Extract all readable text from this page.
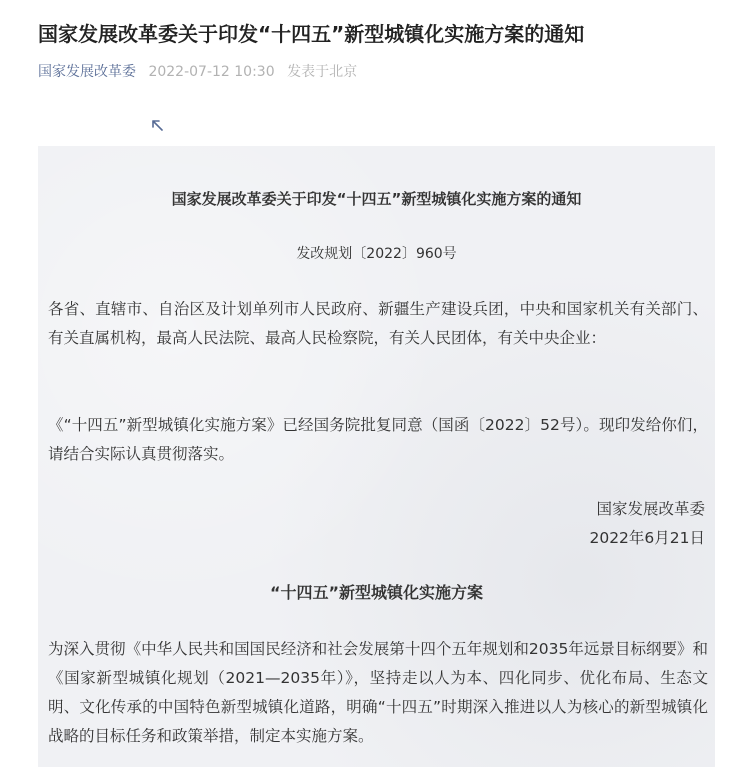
国家发展改革委关于印发“十四五”新型城镇化实施方案的通知
国家发展改革委 2022-07-12 10:30 发表于北京
国家发展改革委关于印发“十四五”新型城镇化实施方案的通知
发改规划〔2022〕960号

各省、直辖市、自治区及计划单列市人民政府、新疆生产建设兵团，中央和国家机关有关部门、有关直属机构，最高人民法院、最高人民检察院，有关人民团体，有关中央企业：

《“十四五”新型城镇化实施方案》已经国务院批复同意（国函〔2022〕52号）。现印发给你们，请结合实际认真贯彻落实。

国家发展改革委
2022年6月21日
“十四五”新型城镇化实施方案

为深入贯彻《中华人民共和国国民经济和社会发展第十四个五年规划和2035年远景目标纲要》和《国家新型城镇化规划（2021—2035年）》，坚持走以人为本、四化同步、优化布局、生态文明、文化传承的中国特色新型城镇化道路，明确“十四五”时期深入推进以人为核心的新型城镇化战略的目标任务和政策举措，制定本实施方案。
